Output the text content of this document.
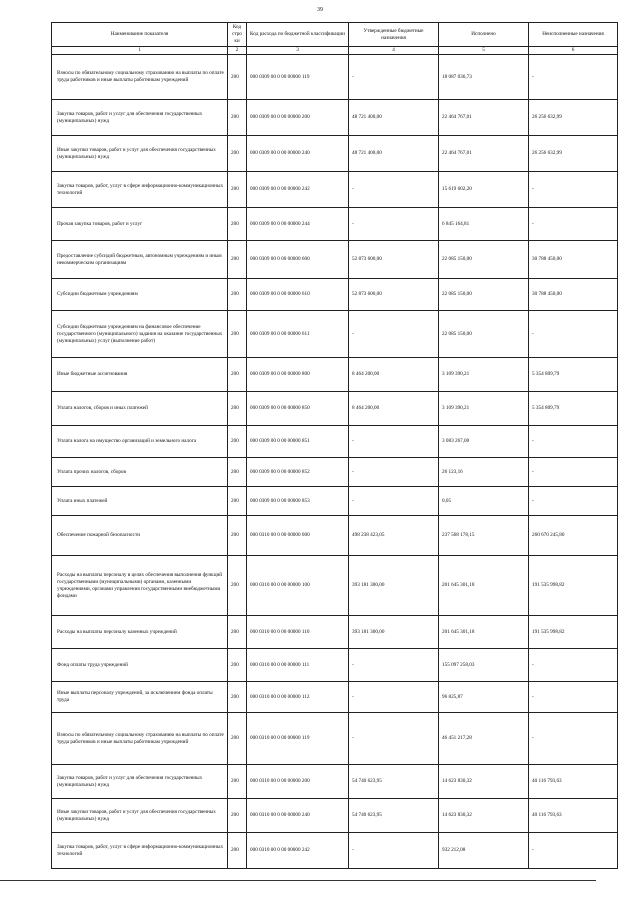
39
Наименование показателя	Код строки	Код расхода по бюджетной классификации	Утвержденные бюджетные назначения	Исполнено	Неисполненные назначения
1	2	3	4	5	6
Взносы по обязательному социальному страхованию на выплаты по оплате труда работников и иные выплаты работникам учреждений	200	000 0309 00 0 00 00000 119	-	18 087 036,73	-
Закупка товаров, работ и услуг для обеспечения государственных (муниципальных) нужд	200	000 0309 00 0 00 00000 200	48 721 400,00	22 464 767,01	26 256 632,99
Иные закупки товаров, работ и услуг для обеспечения государственных (муниципальных) нужд	200	000 0309 00 0 00 00000 240	48 721 400,00	22 464 767,01	26 256 632,99
Закупка товаров, работ, услуг в сфере информационно-коммуникационных технологий	200	000 0309 00 0 00 00000 242	-	15 619 602,20	-
Прочая закупка товаров, работ и услуг	200	000 0309 00 0 00 00000 244	-	6 845 164,81	-
Предоставление субсидий бюджетным, автономным учреждениям и иным некоммерческим организациям	200	000 0309 00 0 00 00000 600	52 873 600,00	22 085 150,00	30 788 450,00
Субсидии бюджетным учреждениям	200	000 0309 00 0 00 00000 610	52 873 600,00	22 085 150,00	30 788 450,00
Субсидии бюджетным учреждениям на финансовое обеспечение государственного (муниципального) задания на оказание государственных (муниципальных) услуг (выполнение работ)	200	000 0309 00 0 00 00000 611	-	22 085 150,00	-
Иные бюджетные ассигнования	200	000 0309 00 0 00 00000 800	8 464 200,00	3 109 390,21	5 354 809,79
Уплата налогов, сборов и иных платежей	200	000 0309 00 0 00 00000 850	8 464 200,00	3 109 390,21	5 354 809,79
Уплата налога на имущество организаций и земельного налога	200	000 0309 00 0 00 00000 851	-	3 083 267,00	-
Уплата прочих налогов, сборов	200	000 0309 00 0 00 00000 852	-	26 123,16	-
Уплата иных платежей	200	000 0309 00 0 00 00000 853	-	0,05	-
Обеспечение пожарной безопасности	200	000 0310 00 0 00 00000 000	498 238 423,05	237 568 178,15	260 670 245,80
Расходы на выплаты персоналу в целях обеспечения выполнения функций государственными (муниципальными) органами, казенными учреждениями, органами управления государственными внебюджетными фондами	200	000 0310 00 0 00 00000 100	393 181 300,00	201 645 301,18	191 535 998,82
Расходы на выплаты персоналу казенных учреждений	200	000 0310 00 0 00 00000 110	393 181 300,00	201 645 301,18	191 535 998,82
Фонд оплаты труда учреждений	200	000 0310 00 0 00 00000 111	-	155 097 258,03	-
Иные выплаты персоналу учреждений, за исключением фонда оплаты труда	200	000 0310 00 0 00 00000 112	-	96 825,87	-
Взносы по обязательному социальному страхованию на выплаты по оплате труда работников и иные выплаты работникам учреждений	200	000 0310 00 0 00 00000 119	-	46 451 217,28	-
Закупка товаров, работ и услуг для обеспечения государственных (муниципальных) нужд	200	000 0310 00 0 00 00000 200	54 740 623,95	14 623 830,32	40 116 793,63
Иные закупки товаров, работ и услуг для обеспечения государственных (муниципальных) нужд	200	000 0310 00 0 00 00000 240	54 740 623,95	14 623 830,32	40 116 793,63
Закупка товаров, работ, услуг в сфере информационно-коммуникационных технологий	200	000 0310 00 0 00 00000 242	-	932 212,08	-
